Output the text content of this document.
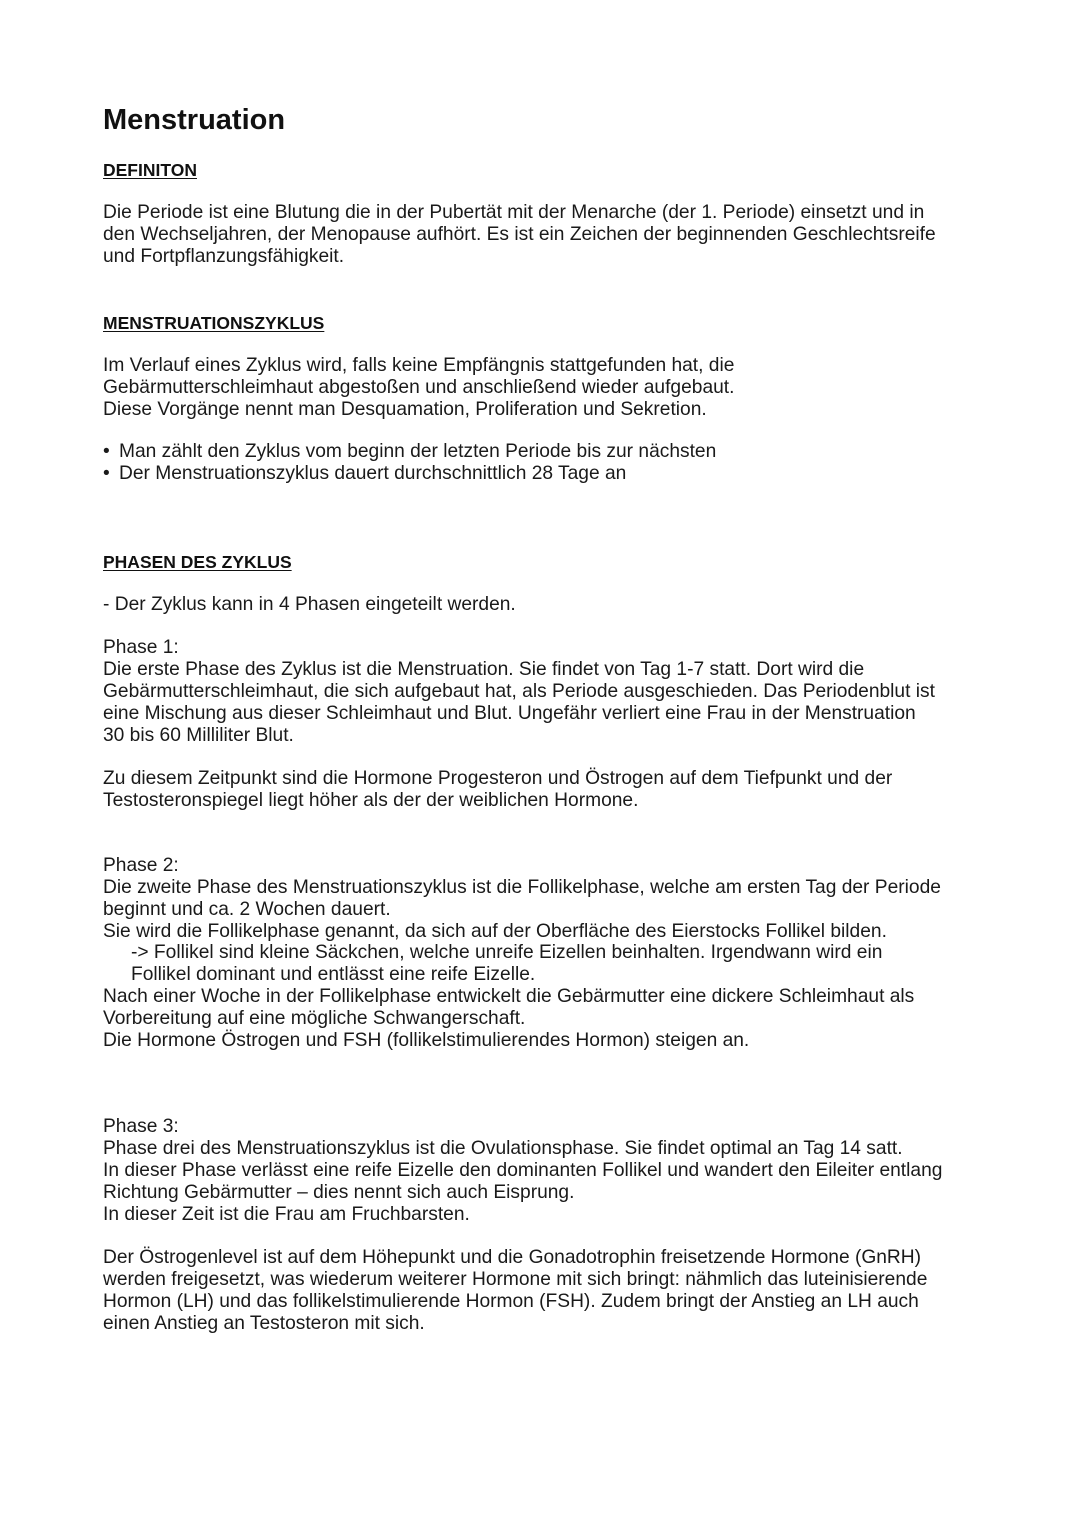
Menstruation
DEFINITON

Die Periode ist eine Blutung die in der Pubertät mit der Menarche (der 1. Periode) einsetzt und in
den Wechseljahren, der Menopause aufhört. Es ist ein Zeichen der beginnenden Geschlechtsreife
und Fortpflanzungsfähigkeit.

MENSTRUATIONSZYKLUS

Im Verlauf eines Zyklus wird, falls keine Empfängnis stattgefunden hat, die
Gebärmutterschleimhaut abgestoßen und anschließend wieder aufgebaut.
Diese Vorgänge nennt man Desquamation, Proliferation und Sekretion.

• Man zählt den Zyklus vom beginn der letzten Periode bis zur nächsten
• Der Menstruationszyklus dauert durchschnittlich 28 Tage an
PHASEN DES ZYKLUS

- Der Zyklus kann in 4 Phasen eingeteilt werden.

Phase 1:

Die erste Phase des Zyklus ist die Menstruation. Sie findet von Tag 1-7 statt. Dort wird die
Gebärmutterschleimhaut, die sich aufgebaut hat, als Periode ausgeschieden. Das Periodenblut ist
eine Mischung aus dieser Schleimhaut und Blut. Ungefähr verliert eine Frau in der Menstruation
30 bis 60 Milliliter Blut.

Zu diesem Zeitpunkt sind die Hormone Progesteron und Östrogen auf dem Tiefpunkt und der
Testosteronspiegel liegt höher als der der weiblichen Hormone.

Phase 2:

Die zweite Phase des Menstruationszyklus ist die Follikelphase, welche am ersten Tag der Periode
beginnt und ca. 2 Wochen dauert.
Sie wird die Follikelphase genannt, da sich auf der Oberfläche des Eierstocks Follikel bilden.

-> Follikel sind kleine Säckchen, welche unreife Eizellen beinhalten. Irgendwann wird ein
Follikel dominant und entlässt eine reife Eizelle.

Nach einer Woche in der Follikelphase entwickelt die Gebärmutter eine dickere Schleimhaut als
Vorbereitung auf eine mögliche Schwangerschaft.
Die Hormone Östrogen und FSH (follikelstimulierendes Hormon) steigen an.

Phase 3:

Phase drei des Menstruationszyklus ist die Ovulationsphase. Sie findet optimal an Tag 14 satt.
In dieser Phase verlässt eine reife Eizelle den dominanten Follikel und wandert den Eileiter entlang
Richtung Gebärmutter – dies nennt sich auch Eisprung.
In dieser Zeit ist die Frau am Fruchbarsten.

Der Östrogenlevel ist auf dem Höhepunkt und die Gonadotrophin freisetzende Hormone (GnRH)
werden freigesetzt, was wiederum weiterer Hormone mit sich bringt: nähmlich das luteinisierende
Hormon (LH) und das follikelstimulierende Hormon (FSH). Zudem bringt der Anstieg an LH auch
einen Anstieg an Testosteron mit sich.
